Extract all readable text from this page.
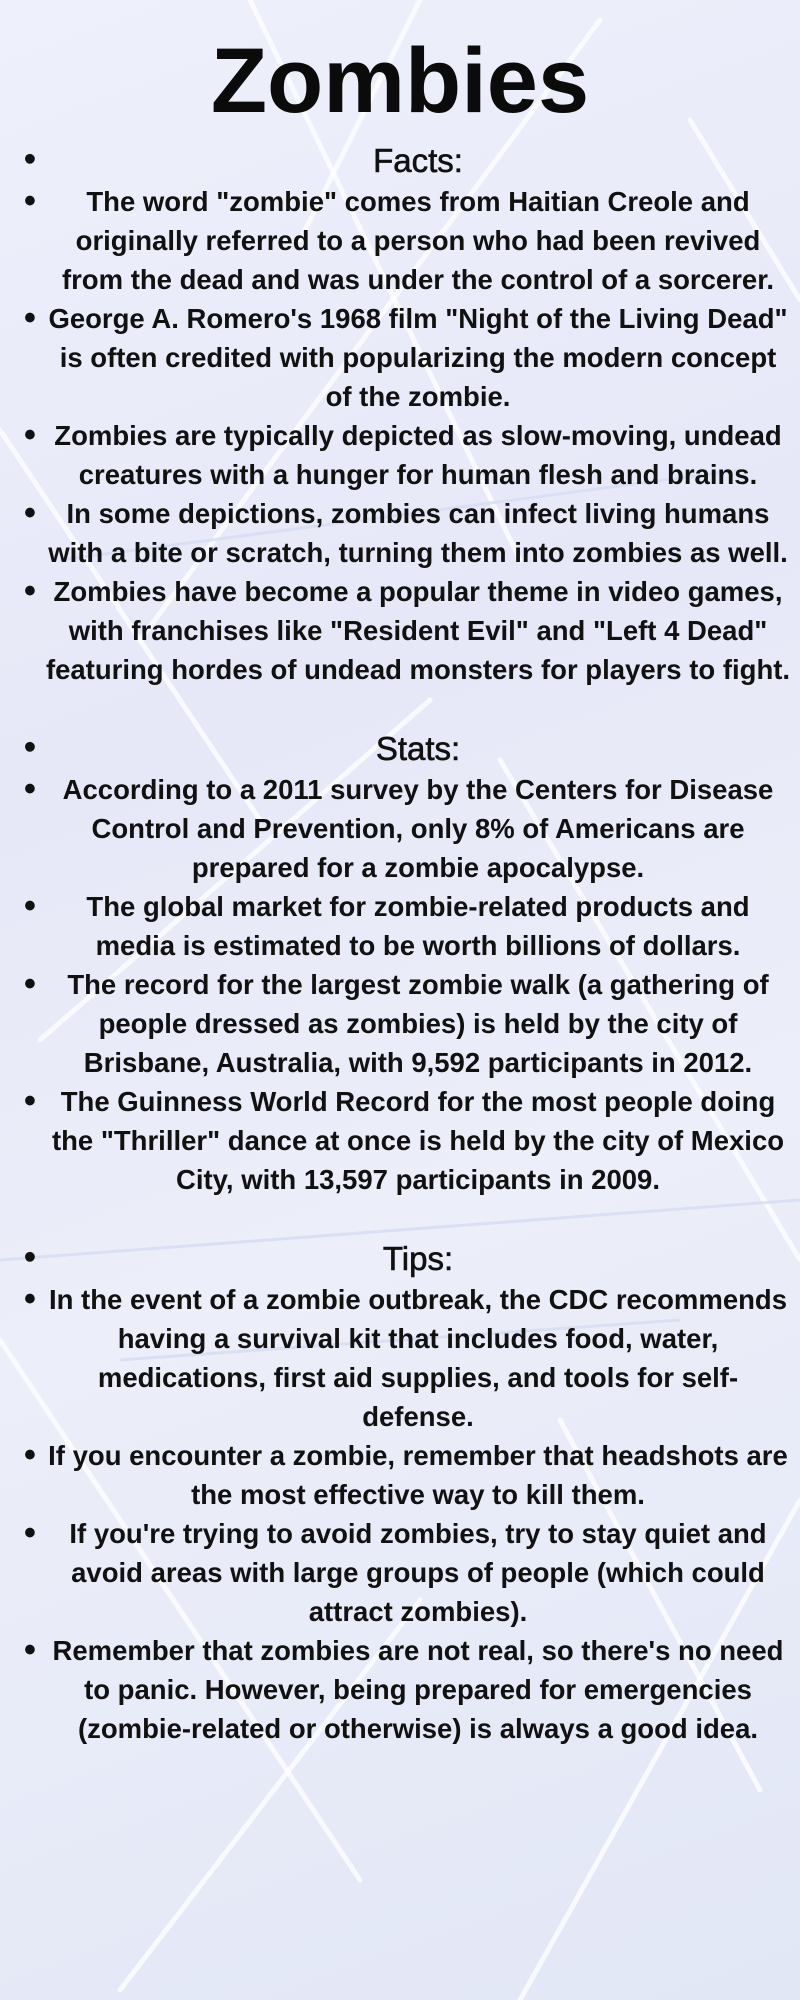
Zombies
• Facts:
• The word "zombie" comes from Haitian Creole and originally referred to a person who had been revived from the dead and was under the control of a sorcerer.
• George A. Romero's 1968 film "Night of the Living Dead" is often credited with popularizing the modern concept of the zombie.
• Zombies are typically depicted as slow-moving, undead creatures with a hunger for human flesh and brains.
• In some depictions, zombies can infect living humans with a bite or scratch, turning them into zombies as well.
• Zombies have become a popular theme in video games, with franchises like "Resident Evil" and "Left 4 Dead" featuring hordes of undead monsters for players to fight.
• Stats:
• According to a 2011 survey by the Centers for Disease Control and Prevention, only 8% of Americans are prepared for a zombie apocalypse.
• The global market for zombie-related products and media is estimated to be worth billions of dollars.
• The record for the largest zombie walk (a gathering of people dressed as zombies) is held by the city of Brisbane, Australia, with 9,592 participants in 2012.
• The Guinness World Record for the most people doing the "Thriller" dance at once is held by the city of Mexico City, with 13,597 participants in 2009.
• Tips:
• In the event of a zombie outbreak, the CDC recommends having a survival kit that includes food, water, medications, first aid supplies, and tools for self-defense.
• If you encounter a zombie, remember that headshots are the most effective way to kill them.
• If you're trying to avoid zombies, try to stay quiet and avoid areas with large groups of people (which could attract zombies).
• Remember that zombies are not real, so there's no need to panic. However, being prepared for emergencies (zombie-related or otherwise) is always a good idea.
